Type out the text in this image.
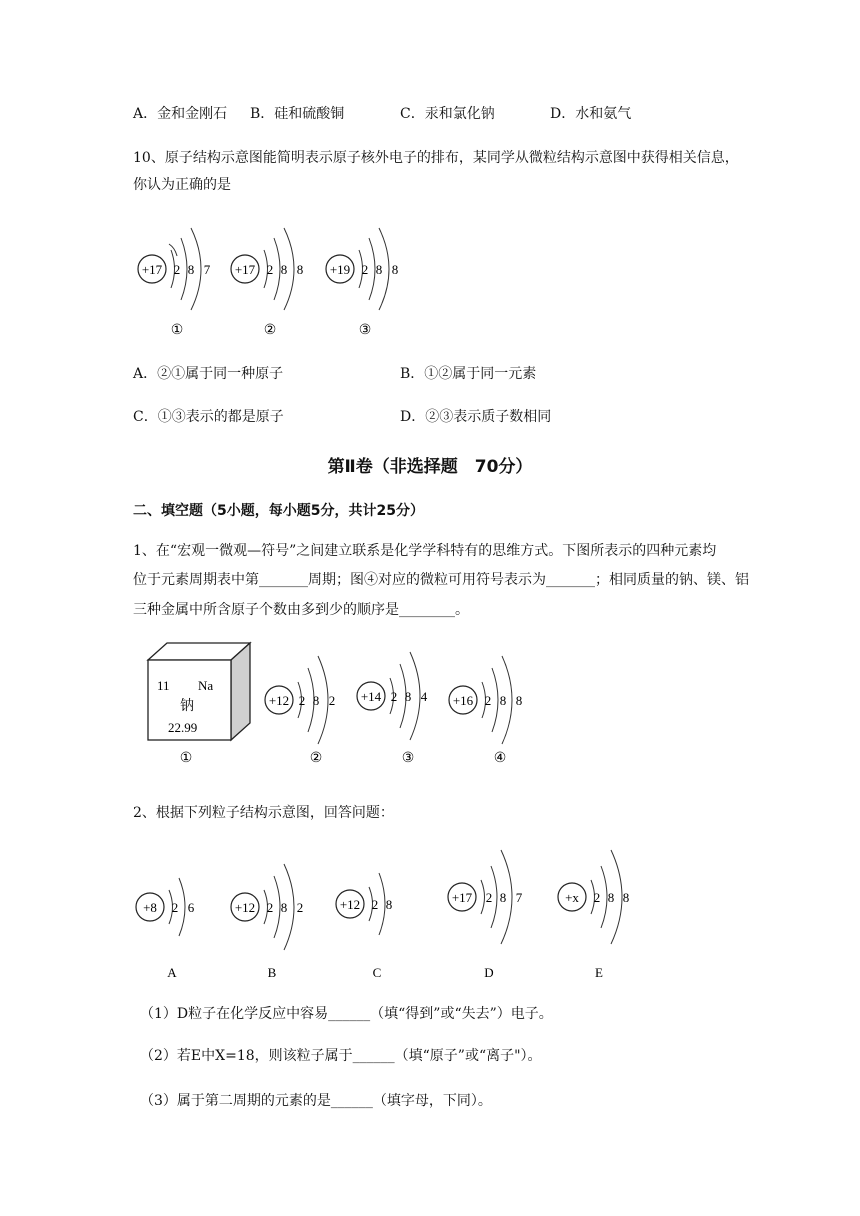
A．金和金刚石 B．硅和硫酸铜	C．汞和氯化钠	D．水和氨气
10、原子结构示意图能简明表示原子核外电子的排布，某同学从微粒结构示意图中获得相关信息，
你认为正确的是
+17 2 8 7
①
+17 2 8 8
②
+19 2 8 8
③
A．②①属于同一种原子	B．①②属于同一元素
C．①③表示的都是原子	D．②③表示质子数相同
第Ⅱ卷（非选择题　70分）
二、填空题（5小题，每小题5分，共计25分）
1、在“宏观一微观—符号”之间建立联系是化学学科特有的思维方式。下图所表示的四种元素均
位于元素周期表中第_______周期；图④对应的微粒可用符号表示为_______；相同质量的钠、镁、铝
三种金属中所含原子个数由多到少的顺序是________。
11 Na
钠
22.99
①
+12 2 8 2
②
+14 2 8 4
③
+16 2 8 8
④
2、根据下列粒子结构示意图，回答问题：
+8 2 6
A
+12 2 8 2
B
+12 2 8
C
+17 2 8 7
D
+x 2 8 8
E
（1）D粒子在化学反应中容易______（填“得到”或“失去”）电子。
（2）若E中X=18，则该粒子属于______（填“原子”或“离子"）。
（3）属于第二周期的元素的是______（填字母，下同）。
